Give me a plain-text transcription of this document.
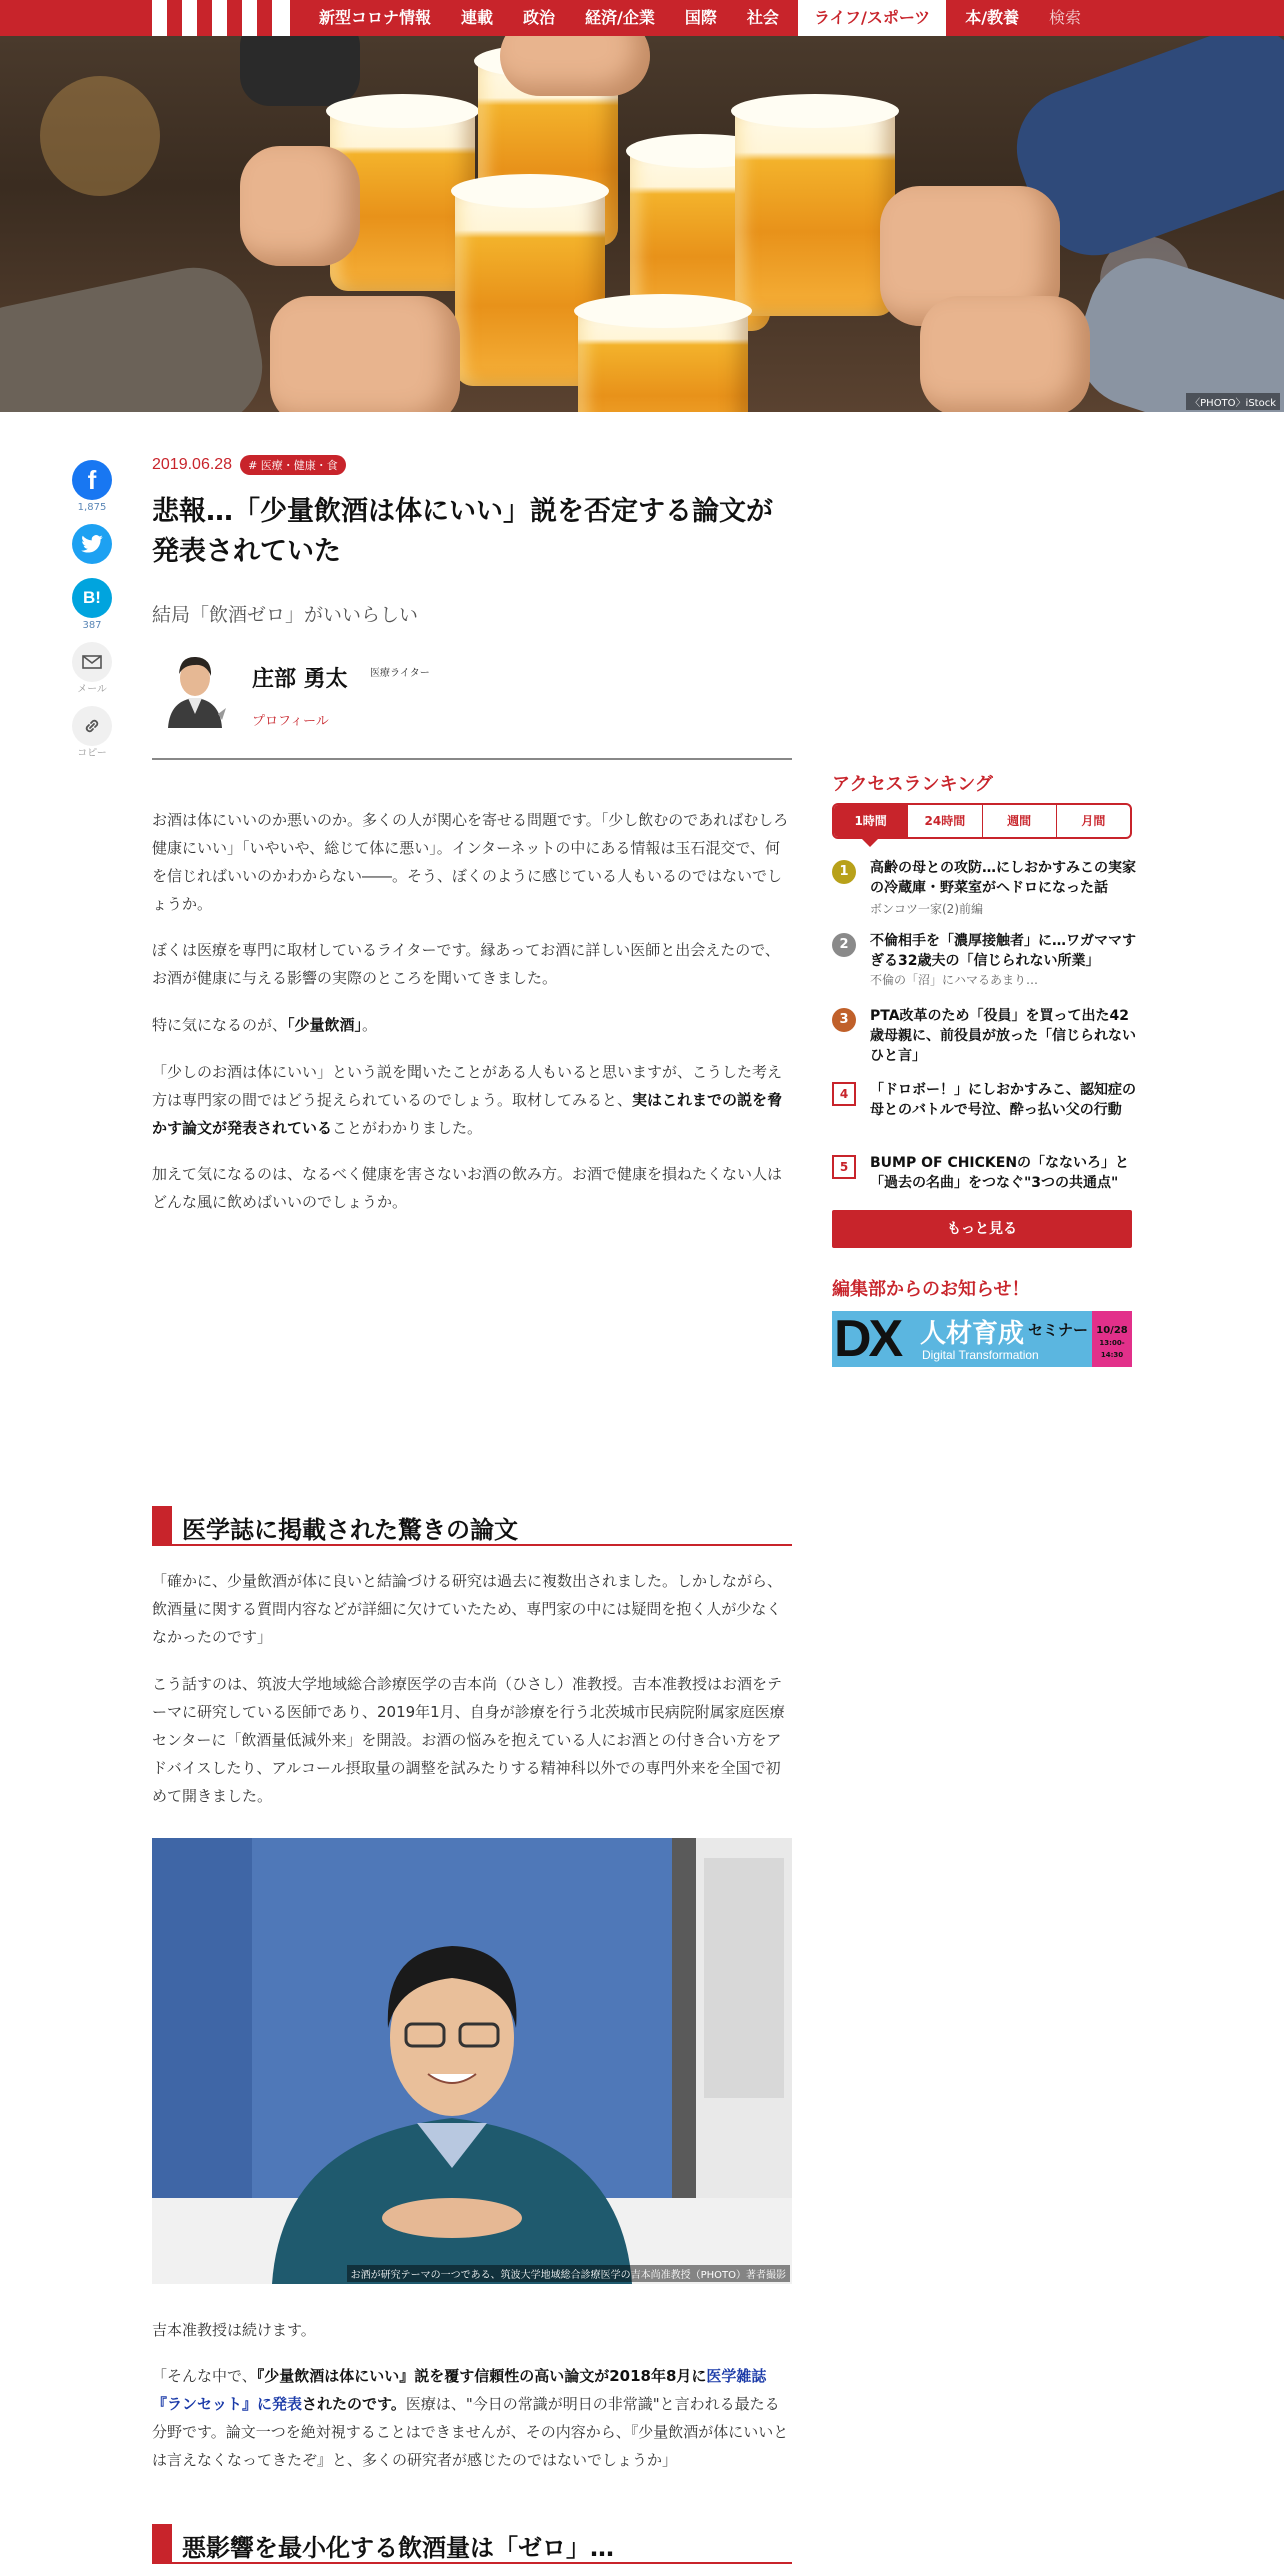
新型コロナ情報	連載	政治	経済/企業	国際	社会	ライフ/スポーツ	本/教養	検索
〈PHOTO〉iStock
f
1,875
B!
387
メール
コピー
2019.06.28	# 医療・健康・食
悲報…「少量飲酒は体にいい」説を否定する論文が発表されていた
結局「飲酒ゼロ」がいいらしい
庄部 勇太 医療ライター
プロフィール

お酒は体にいいのか悪いのか。多くの人が関心を寄せる問題です。「少し飲むのであればむしろ健康にいい」「いやいや、総じて体に悪い」。インターネットの中にある情報は玉石混交で、何を信じればいいのかわからない――。そう、ぼくのように感じている人もいるのではないでしょうか。

ぼくは医療を専門に取材しているライターです。縁あってお酒に詳しい医師と出会えたので、お酒が健康に与える影響の実際のところを聞いてきました。

特に気になるのが、「少量飲酒」。

「少しのお酒は体にいい」という説を聞いたことがある人もいると思いますが、こうした考え方は専門家の間ではどう捉えられているのでしょう。取材してみると、実はこれまでの説を脅かす論文が発表されていることがわかりました。

加えて気になるのは、なるべく健康を害さないお酒の飲み方。お酒で健康を損ねたくない人はどんな風に飲めばいいのでしょうか。

医学誌に掲載された驚きの論文

「確かに、少量飲酒が体に良いと結論づける研究は過去に複数出されました。しかしながら、飲酒量に関する質問内容などが詳細に欠けていたため、専門家の中には疑問を抱く人が少なくなかったのです」

こう話すのは、筑波大学地域総合診療医学の吉本尚（ひさし）准教授。吉本准教授はお酒をテーマに研究している医師であり、2019年1月、自身が診療を行う北茨城市民病院附属家庭医療センターに「飲酒量低減外来」を開設。お酒の悩みを抱えている人にお酒との付き合い方をアドバイスしたり、アルコール摂取量の調整を試みたりする精神科以外での専門外来を全国で初めて開きました。

お酒が研究テーマの一つである、筑波大学地域総合診療医学の吉本尚准教授（PHOTO）著者撮影

吉本准教授は続けます。

「そんな中で、『少量飲酒は体にいい』説を覆す信頼性の高い論文が2018年8月に医学雑誌『ランセット』に発表されたのです。医療は、"今日の常識が明日の非常識"と言われる最たる分野です。論文一つを絶対視することはできませんが、その内容から、『少量飲酒が体にいいとは言えなくなってきたぞ』と、多くの研究者が感じたのではないでしょうか」

悪影響を最小化する飲酒量は「ゼロ」…
アクセスランキング
1時間	24時間	週間	月間
1	高齢の母との攻防…にしおかすみこの実家の冷蔵庫・野菜室がヘドロになった話
ボンコツ一家(2)前編
2	不倫相手を「濃厚接触者」に…ワガママすぎる32歳夫の「信じられない所業」
不倫の「沼」にハマるあまり…
3	PTA改革のため「役員」を買って出た42歳母親に、前役員が放った「信じられないひと言」
4	「ドロボー！」にしおかすみこ、認知症の母とのバトルで号泣、酔っ払い父の行動
5	BUMP OF CHICKENの「なないろ」と「過去の名曲」をつなぐ"3つの共通点"
もっと見る
編集部からのお知らせ！
DX 人材育成 セミナー
Digital Transformation
10/28
13:00-14:30
